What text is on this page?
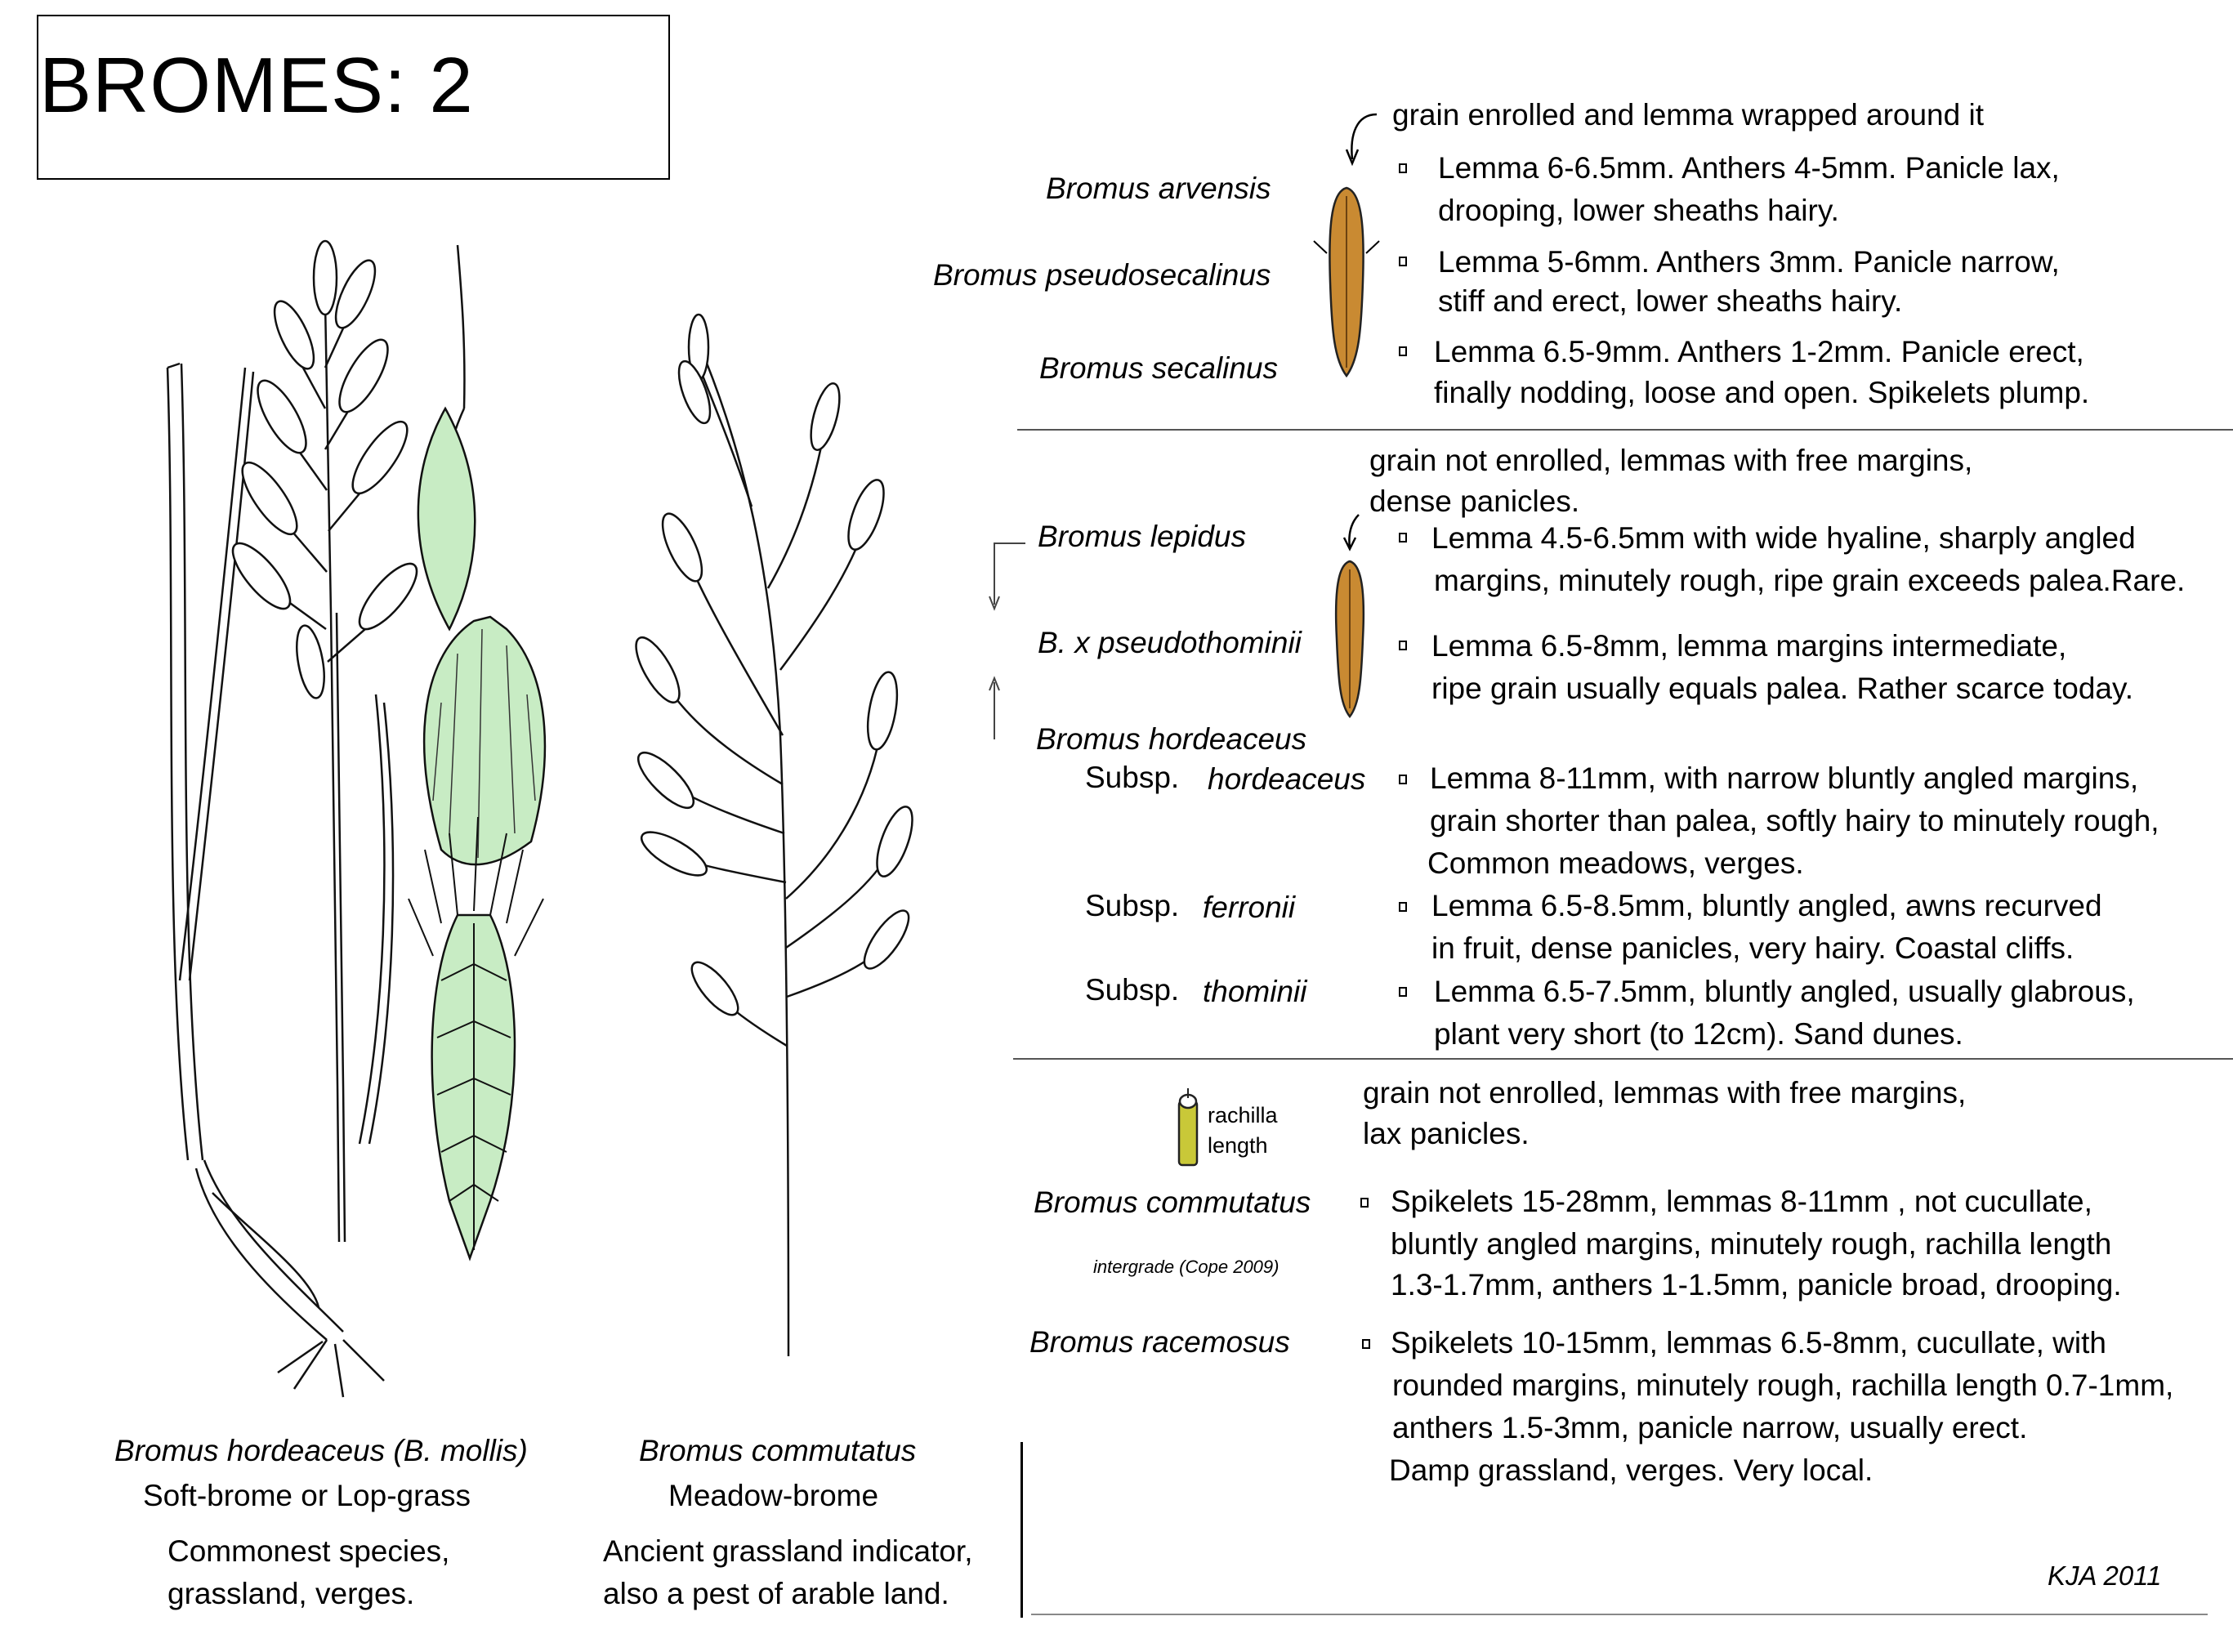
BROMES: 2
Bromus hordeaceus (B. mollis)
Soft-brome or Lop-grass
Commonest species,
grassland, verges.
Bromus commutatus
Meadow-brome
Ancient grassland indicator,
also a pest of arable land.
grain enrolled and lemma wrapped around it
Bromus arvensis
Bromus pseudosecalinus
Bromus secalinus
Lemma 6-6.5mm. Anthers 4-5mm. Panicle lax,
drooping, lower sheaths hairy.
Lemma 5-6mm. Anthers 3mm. Panicle narrow,
stiff and erect, lower sheaths hairy.
Lemma 6.5-9mm. Anthers 1-2mm. Panicle erect,
finally nodding, loose and open. Spikelets plump.
grain not enrolled, lemmas with free margins,
dense panicles.
Bromus lepidus
B. x pseudothominii
Bromus hordeaceus
Lemma 4.5-6.5mm with wide hyaline, sharply angled
margins, minutely rough, ripe grain exceeds palea.Rare.
Lemma 6.5-8mm, lemma margins intermediate,
ripe grain usually equals palea. Rather scarce today.
Subsp. hordeaceus Lemma 8-11mm, with narrow bluntly angled margins,
grain shorter than palea, softly hairy to minutely rough,
Common meadows, verges.
Subsp. ferronii	Lemma 6.5-8.5mm, bluntly angled, awns recurved
in fruit, dense panicles, very hairy. Coastal cliffs.
Subsp. thominii	Lemma 6.5-7.5mm, bluntly angled, usually glabrous,
plant very short (to 12cm). Sand dunes.
rachilla
length
grain not enrolled, lemmas with free margins,
lax panicles.
Bromus commutatus
intergrade (Cope 2009)
Bromus racemosus
Spikelets 15-28mm, lemmas 8-11mm , not cucullate,
bluntly angled margins, minutely rough, rachilla length
1.3-1.7mm, anthers 1-1.5mm, panicle broad, drooping.
Spikelets 10-15mm, lemmas 6.5-8mm, cucullate, with
rounded margins, minutely rough, rachilla length 0.7-1mm,
anthers 1.5-3mm, panicle narrow, usually erect.
Damp grassland, verges. Very local.
KJA 2011
